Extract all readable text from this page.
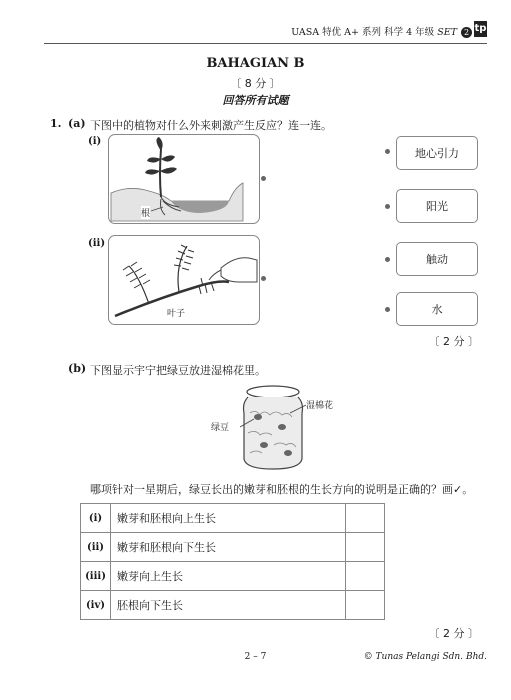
UASA 特优 A+ 系列 科学 4 年级 SET 2 tp
BAHAGIAN B
〔 8 分 〕
回答所有试题
1. (a) 下图中的植物对什么外来刺激产生反应？连一连。
(i)
根
(ii)
叶子
地心引力
阳光
触动
水
〔 2 分 〕
(b) 下图显示宇宁把绿豆放进湿棉花里。
湿棉花
绿豆
哪项针对一星期后，绿豆长出的嫩芽和胚根的生长方向的说明是正确的？画✓。
(i)	嫩芽和胚根向上生长	
(ii)	嫩芽和胚根向下生长	
(iii)	嫩芽向上生长	
(iv)	胚根向下生长	
〔 2 分 〕
2 – 7	© Tunas Pelangi Sdn. Bhd.
